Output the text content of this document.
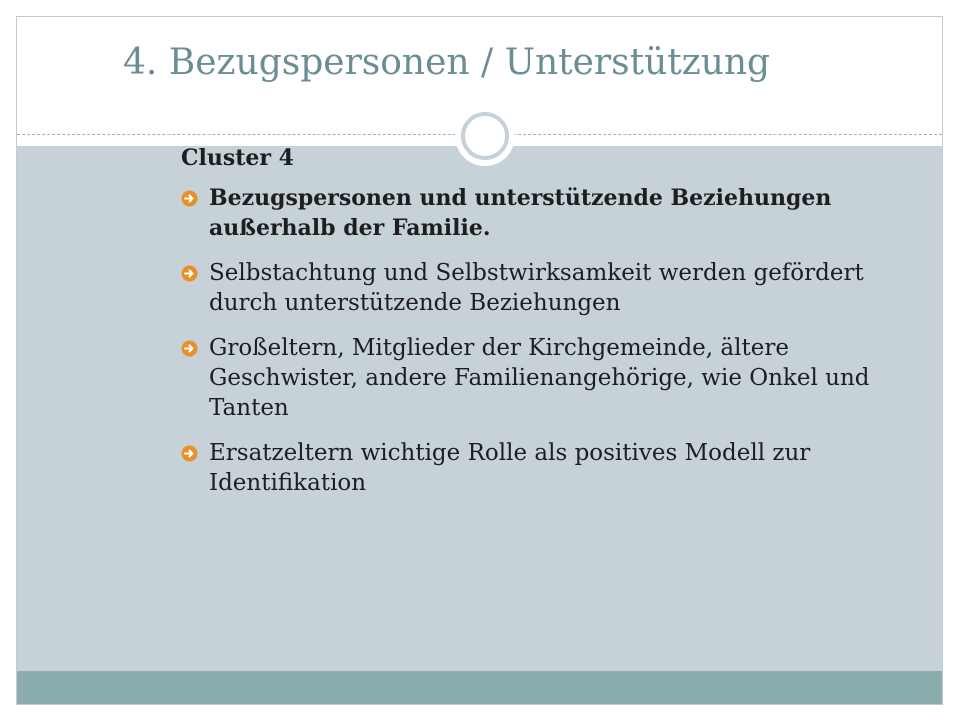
4. Bezugspersonen / Unterstützung

Cluster 4

Bezugspersonen und unterstützende Beziehungen außerhalb der Familie.
Selbstachtung und Selbstwirksamkeit werden gefördert durch unterstützende Beziehungen
Großeltern, Mitglieder der Kirchgemeinde, ältere Geschwister, andere Familienangehörige, wie Onkel und Tanten
Ersatzeltern wichtige Rolle als positives Modell zur Identifikation
